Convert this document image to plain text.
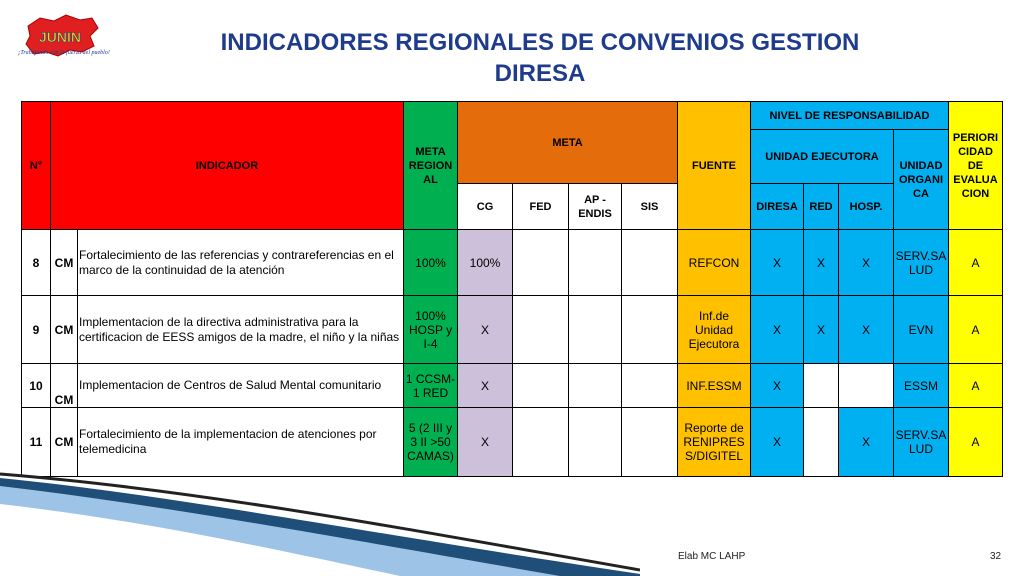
JUNIN
¡Trabajando con la fuerza del pueblo!	INDICADORES REGIONALES DE CONVENIOS GESTION
DIRESA
N°	INDICADOR		META REGION AL	META				FUENTE	NIVEL DE RESPONSABILIDAD				PERIORI CIDAD DE EVALUA CION
									UNIDAD EJECUTORA			UNIDAD ORGANI CA	
				CG	FED	AP - ENDIS	SIS		DIRESA	RED	HOSP.		
8	CM	Fortalecimiento de las referencias y contrareferencias en el marco de la continuidad de la atención	100%	100%				REFCON	X	X	X	SERV.SA LUD	A
9	CM	Implementacion de la directiva administrativa para la certificacion de EESS amigos de la madre, el niño y la niñas	100% HOSP y I-4	X				Inf.de Unidad Ejecutora	X	X	X	EVN	A
10	CM	Implementacion de Centros de Salud Mental comunitario	1 CCSM-1 RED	X				INF.ESSM	X			ESSM	A
11	CM	Fortalecimiento de la implementacion de atenciones por telemedicina	5 (2 III y 3 II >50 CAMAS)	X				Reporte de RENIPRES S/DIGITEL	X		X	SERV.SA LUD	A
Elab MC LAHP	32
